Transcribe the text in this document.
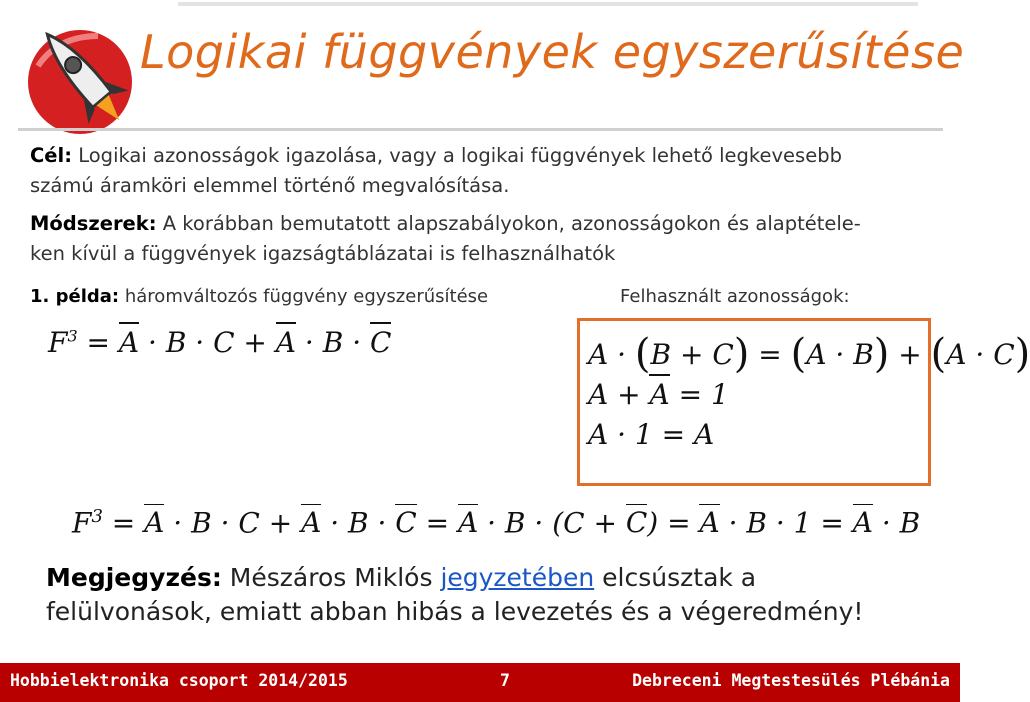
Logikai függvények egyszerűsítése
Cél: Logikai azonosságok igazolása, vagy a logikai függvények lehető legkevesebb
számú áramköri elemmel történő megvalósítása.
Módszerek: A korábban bemutatott alapszabályokon, azonosságokon és alaptétele-
ken kívül a függvények igazságtáblázatai is felhasználhatók
1. példa: háromváltozós függvény egyszerűsítése	Felhasznált azonosságok:
$F^3 = A \cdot B \cdot C + A \cdot B \cdot C$	A · (B + C) = (A · B) + (A · C)
A + A = 1
A · 1 = A
$F^3 = A \cdot B \cdot C + A \cdot B \cdot C = A \cdot B \cdot (C + C) = A \cdot B \cdot 1 = A \cdot B$
Megjegyzés: Mészáros Miklós jegyzetében elcsúsztak a
felülvonások, emiatt abban hibás a levezetés és a végeredmény!
Hobbielektronika csoport 2014/2015	7	Debreceni Megtestesülés Plébánia
